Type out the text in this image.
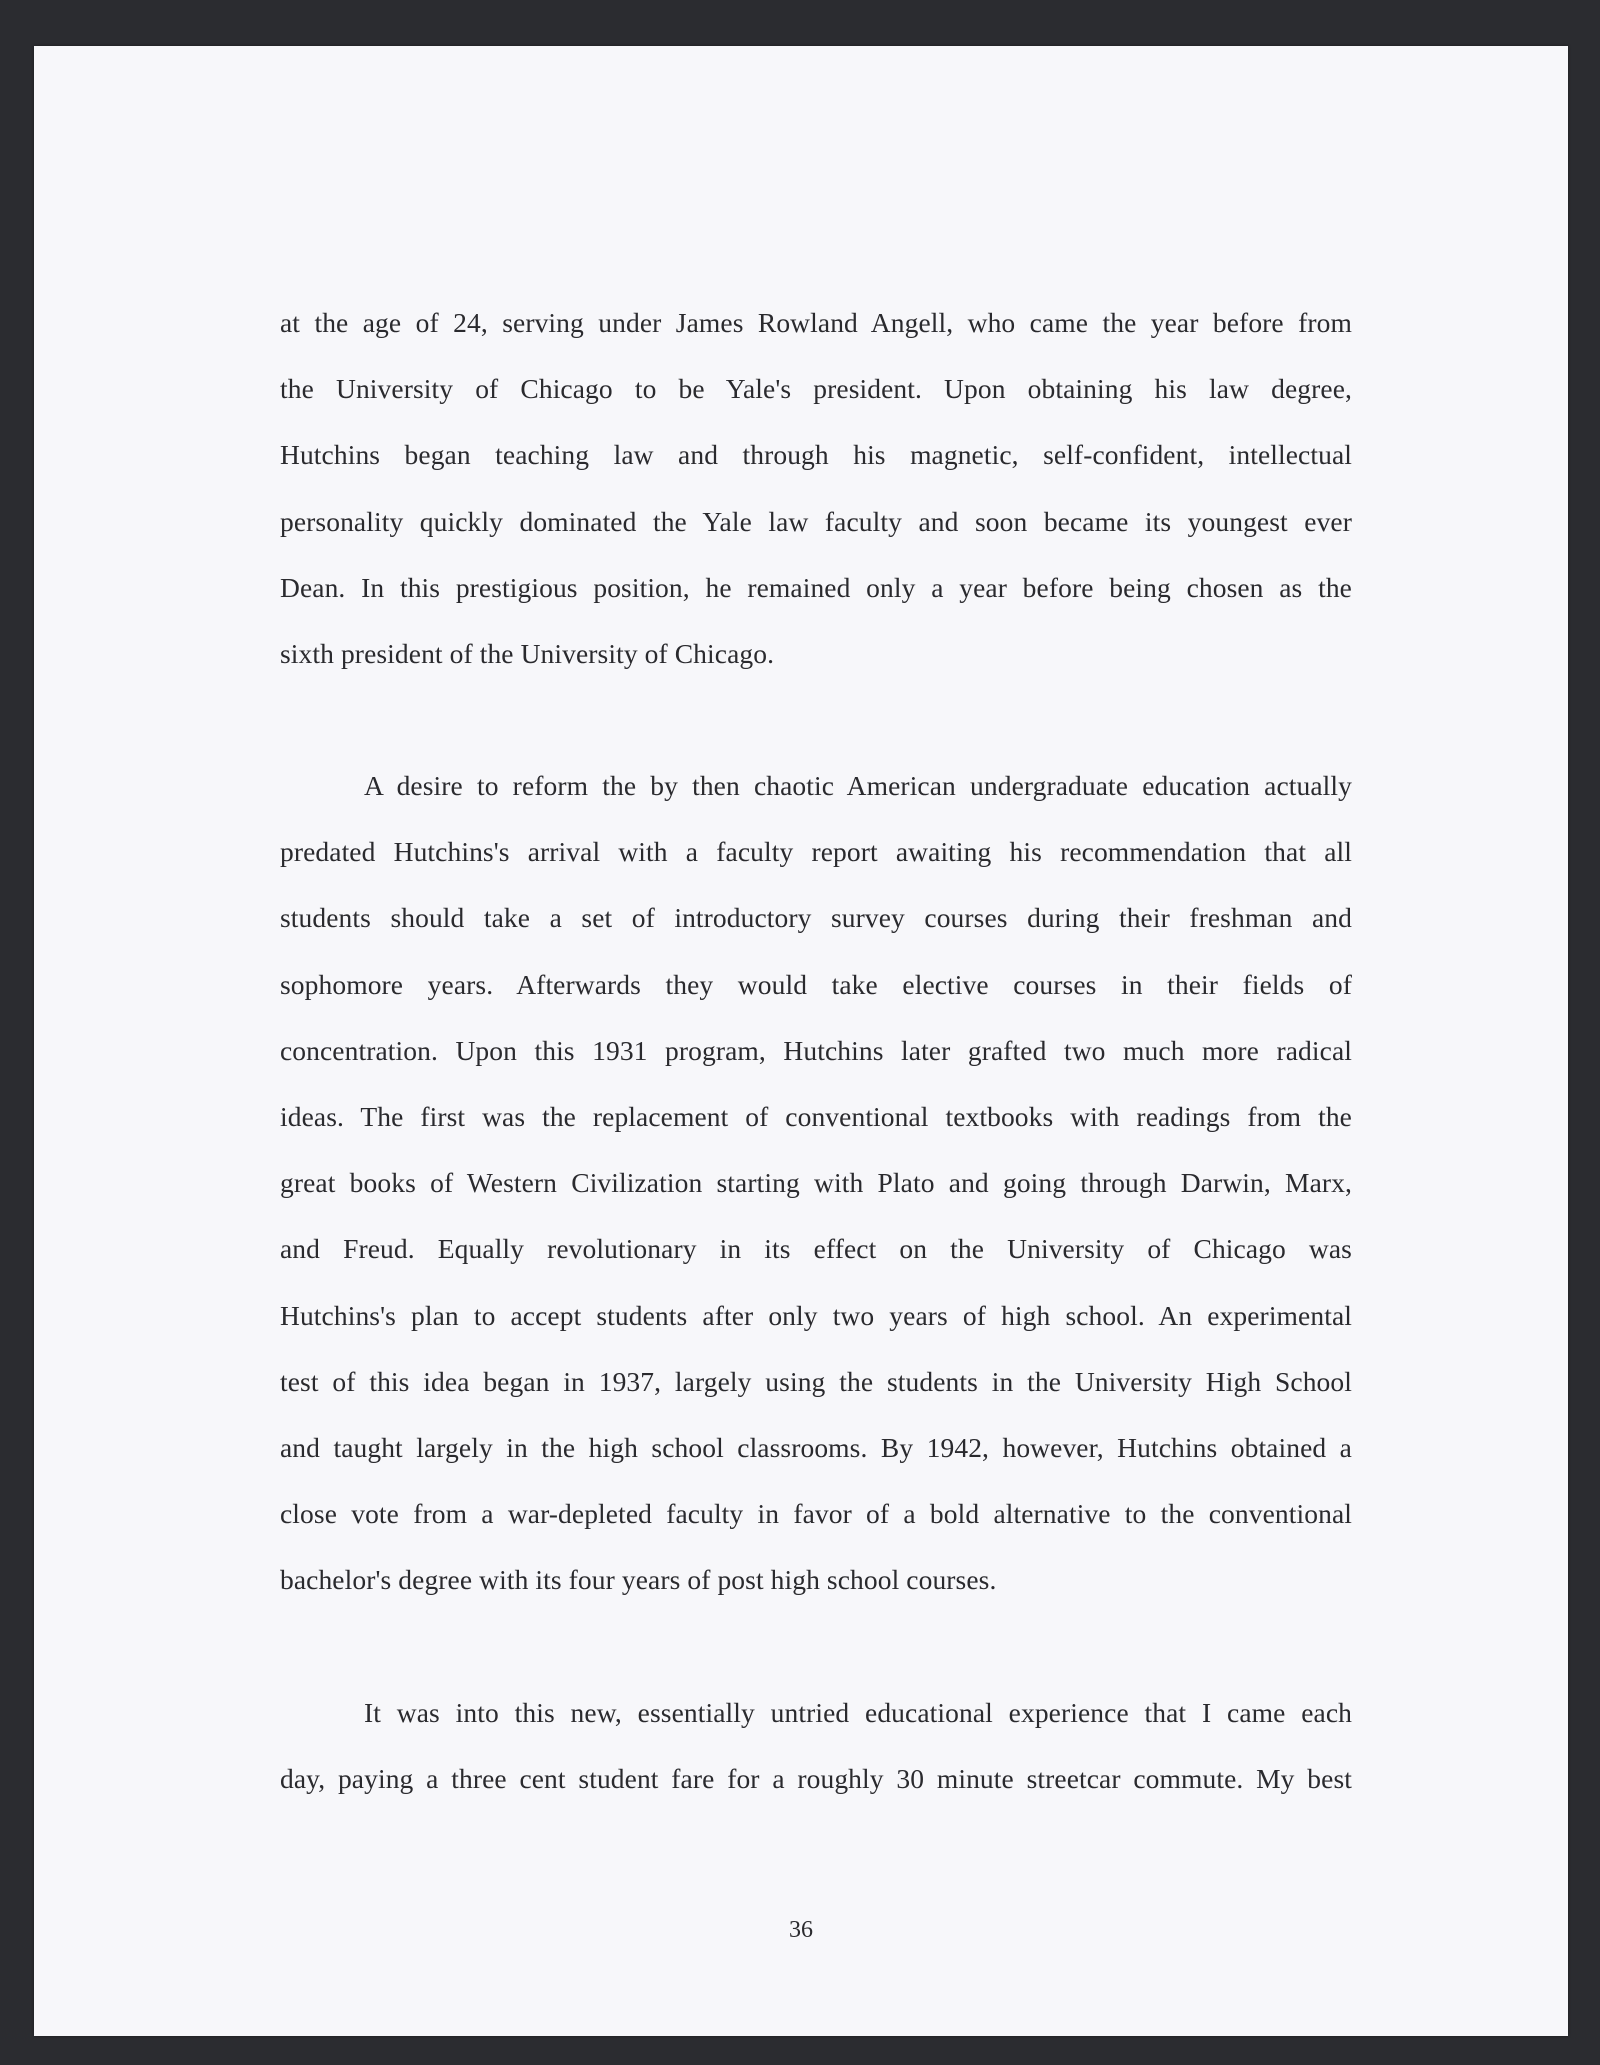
at the age of 24, serving under James Rowland Angell, who came the year before from
the University of Chicago to be Yale's president. Upon obtaining his law degree,
Hutchins began teaching law and through his magnetic, self-confident, intellectual
personality quickly dominated the Yale law faculty and soon became its youngest ever
Dean. In this prestigious position, he remained only a year before being chosen as the
sixth president of the University of Chicago.
A desire to reform the by then chaotic American undergraduate education actually
predated Hutchins's arrival with a faculty report awaiting his recommendation that all
students should take a set of introductory survey courses during their freshman and
sophomore years. Afterwards they would take elective courses in their fields of
concentration. Upon this 1931 program, Hutchins later grafted two much more radical
ideas. The first was the replacement of conventional textbooks with readings from the
great books of Western Civilization starting with Plato and going through Darwin, Marx,
and Freud. Equally revolutionary in its effect on the University of Chicago was
Hutchins's plan to accept students after only two years of high school. An experimental
test of this idea began in 1937, largely using the students in the University High School
and taught largely in the high school classrooms. By 1942, however, Hutchins obtained a
close vote from a war-depleted faculty in favor of a bold alternative to the conventional
bachelor's degree with its four years of post high school courses.
It was into this new, essentially untried educational experience that I came each
day, paying a three cent student fare for a roughly 30 minute streetcar commute. My best
36
